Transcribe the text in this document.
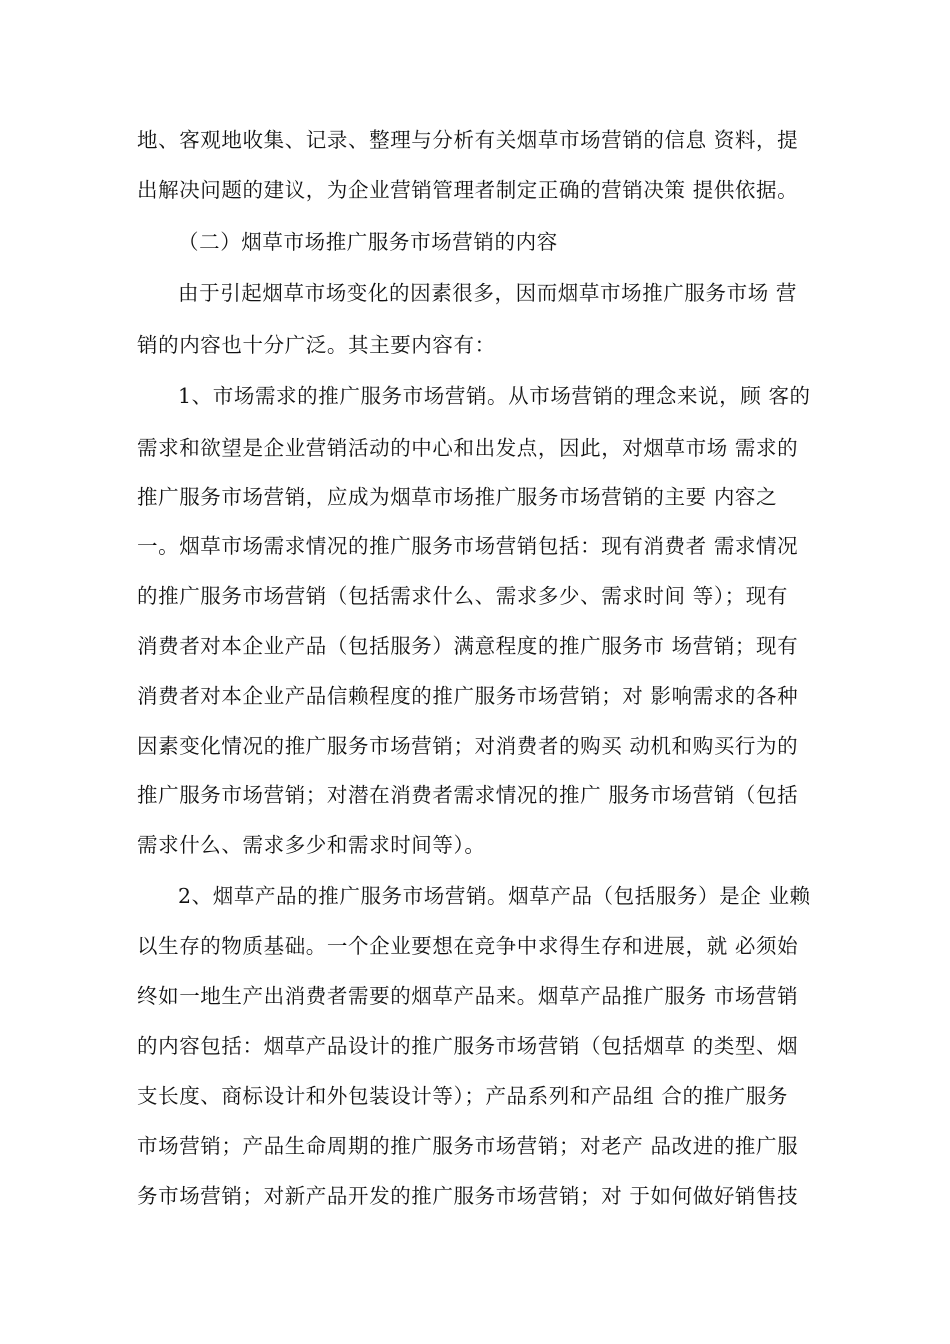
地、客观地收集、记录、整理与分析有关烟草市场营销的信息 资料，提
出解决问题的建议，为企业营销管理者制定正确的营销决策 提供依据。
（二）烟草市场推广服务市场营销的内容
由于引起烟草市场变化的因素很多，因而烟草市场推广服务市场 营
销的内容也十分广泛。其主要内容有：
1、市场需求的推广服务市场营销。从市场营销的理念来说，顾 客的
需求和欲望是企业营销活动的中心和出发点，因此，对烟草市场 需求的
推广服务市场营销，应成为烟草市场推广服务市场营销的主要 内容之
一。烟草市场需求情况的推广服务市场营销包括：现有消费者 需求情况
的推广服务市场营销（包括需求什么、需求多少、需求时间 等）；现有
消费者对本企业产品（包括服务）满意程度的推广服务市 场营销；现有
消费者对本企业产品信赖程度的推广服务市场营销；对 影响需求的各种
因素变化情况的推广服务市场营销；对消费者的购买 动机和购买行为的
推广服务市场营销；对潜在消费者需求情况的推广 服务市场营销（包括
需求什么、需求多少和需求时间等）。
2、烟草产品的推广服务市场营销。烟草产品（包括服务）是企 业赖
以生存的物质基础。一个企业要想在竞争中求得生存和进展，就 必须始
终如一地生产出消费者需要的烟草产品来。烟草产品推广服务 市场营销
的内容包括：烟草产品设计的推广服务市场营销（包括烟草 的类型、烟
支长度、商标设计和外包装设计等）；产品系列和产品组 合的推广服务
市场营销；产品生命周期的推广服务市场营销；对老产 品改进的推广服
务市场营销；对新产品开发的推广服务市场营销；对 于如何做好销售技
